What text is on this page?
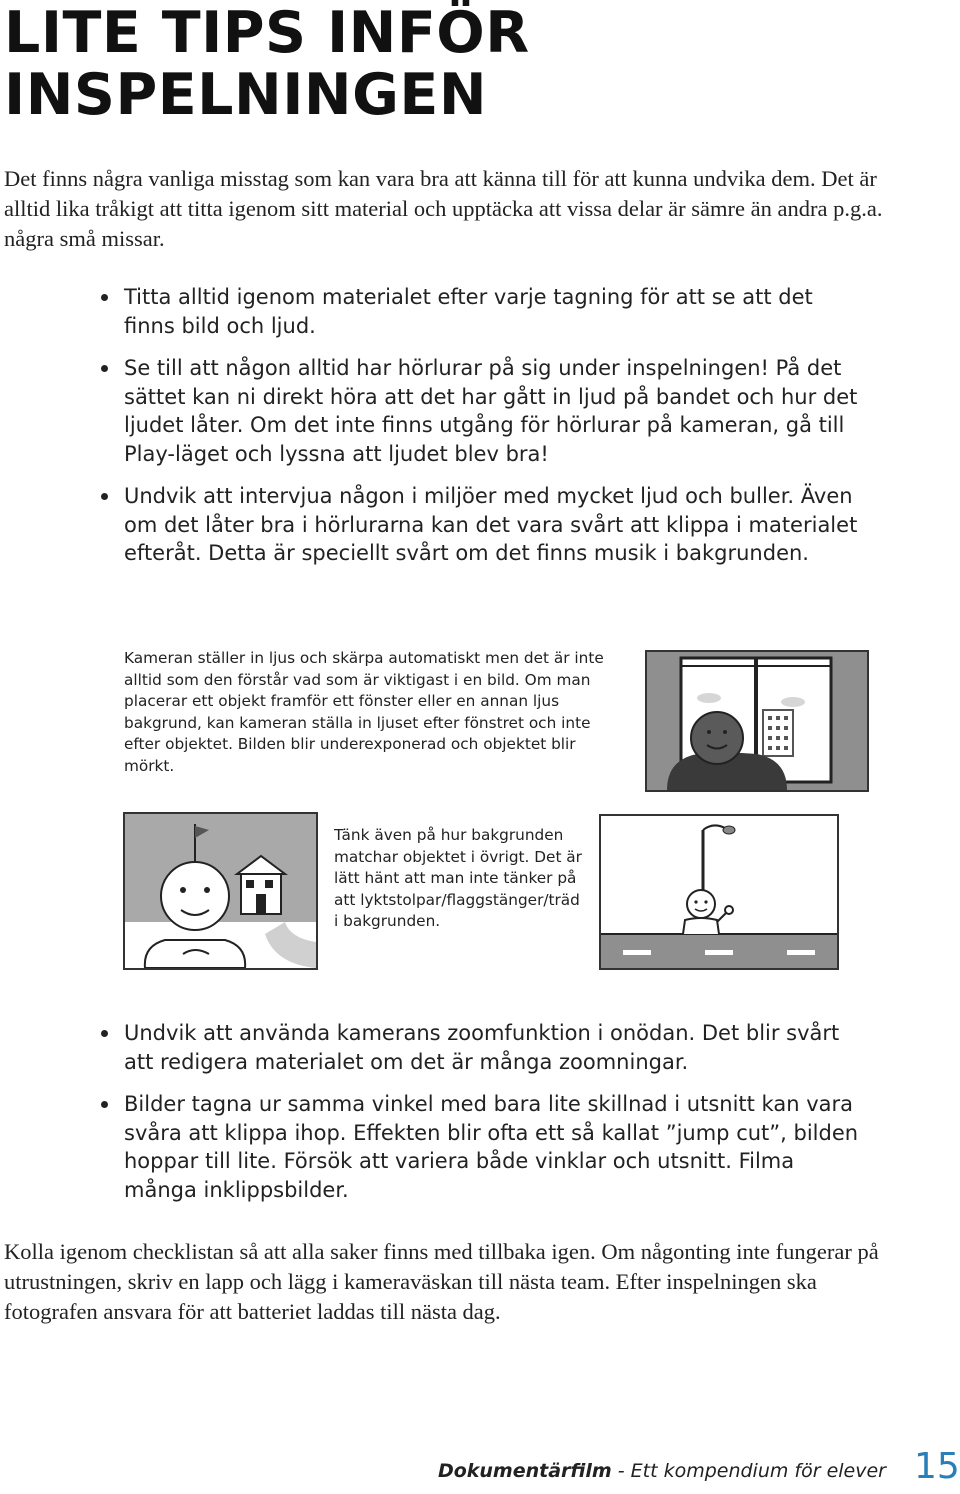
LITE TIPS INFÖR
INSPELNINGEN

Det finns några vanliga misstag som kan vara bra att känna till för att kunna undvika dem. Det är alltid lika tråkigt att titta igenom sitt material och upptäcka att vissa delar är sämre än andra p.g.a. några små missar.

Titta alltid igenom materialet efter varje tagning för att se att det finns bild och ljud.
Se till att någon alltid har hörlurar på sig under inspelningen! På det sättet kan ni direkt höra att det har gått in ljud på bandet och hur det ljudet låter. Om det inte finns utgång för hörlurar på kameran, gå till Play-läget och lyssna att ljudet blev bra!
Undvik att intervjua någon i miljöer med mycket ljud och buller. Även om det låter bra i hörlurarna kan det vara svårt att klippa i materialet efteråt. Detta är speciellt svårt om det finns musik i bakgrunden.

Kameran ställer in ljus och skärpa automatiskt men det är inte alltid som den förstår vad som är viktigast i en bild. Om man placerar ett objekt framför ett fönster eller en annan ljus bakgrund, kan kameran ställa in ljuset efter fönstret och inte efter objektet. Bilden blir underexponerad och objektet blir mörkt.

Tänk även på hur bakgrunden matchar objektet i övrigt. Det är lätt hänt att man inte tänker på att lyktstolpar/flaggstänger/träd i bakgrunden.

Undvik att använda kamerans zoomfunktion i onödan. Det blir svårt att redigera materialet om det är många zoomningar.
Bilder tagna ur samma vinkel med bara lite skillnad i utsnitt kan vara svåra att klippa ihop. Effekten blir ofta ett så kallat ”jump cut”, bilden hoppar till lite. Försök att variera både vinklar och utsnitt. Filma många inklippsbilder.

Kolla igenom checklistan så att alla saker finns med tillbaka igen. Om någonting inte fungerar på utrustningen, skriv en lapp och lägg i kameraväskan till nästa team. Efter inspelningen ska fotografen ansvara för att batteriet laddas till nästa dag.

Dokumentärfilm - Ett kompendium för elever 15
